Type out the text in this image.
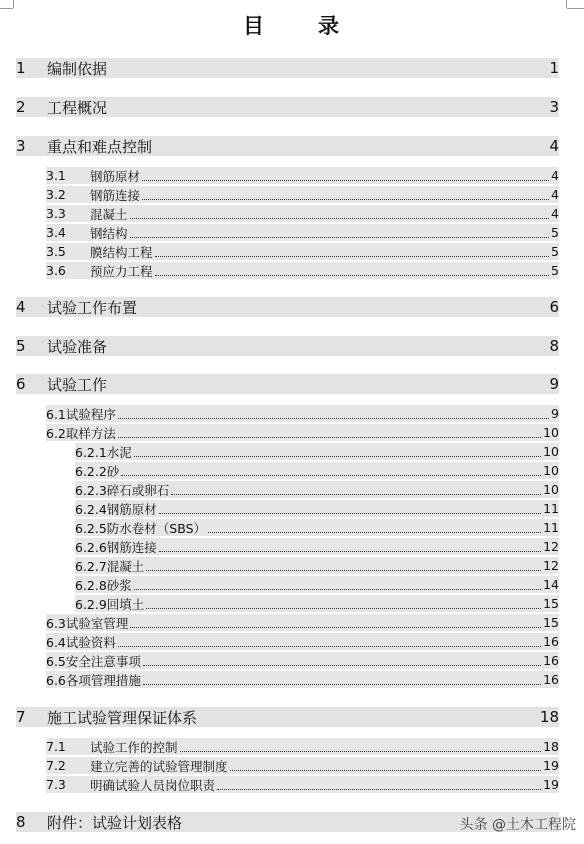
目 录
1	编制依据	1
2	工程概况	3
3	重点和难点控制	4
3.1	钢筋原材	4
3.2	钢筋连接	4
3.3	混凝土	4
3.4	钢结构	5
3.5	膜结构工程	5
3.6	预应力工程	5
4	试验工作布置	6
5	试验准备	8
6	试验工作	9
6.1试验程序	9
6.2取样方法	10
6.2.1水泥	10
6.2.2砂	10
6.2.3碎石或卵石	10
6.2.4钢筋原材	11
6.2.5防水卷材（SBS）	11
6.2.6钢筋连接	12
6.2.7混凝土	12
6.2.8砂浆	14
6.2.9回填土	15
6.3试验室管理	15
6.4试验资料	16
6.5安全注意事项	16
6.6各项管理措施	16
7	施工试验管理保证体系	18
7.1	试验工作的控制	18
7.2	建立完善的试验管理制度	19
7.3	明确试验人员岗位职责	19
8	附件：试验计划表格	头条 @土木工程院
